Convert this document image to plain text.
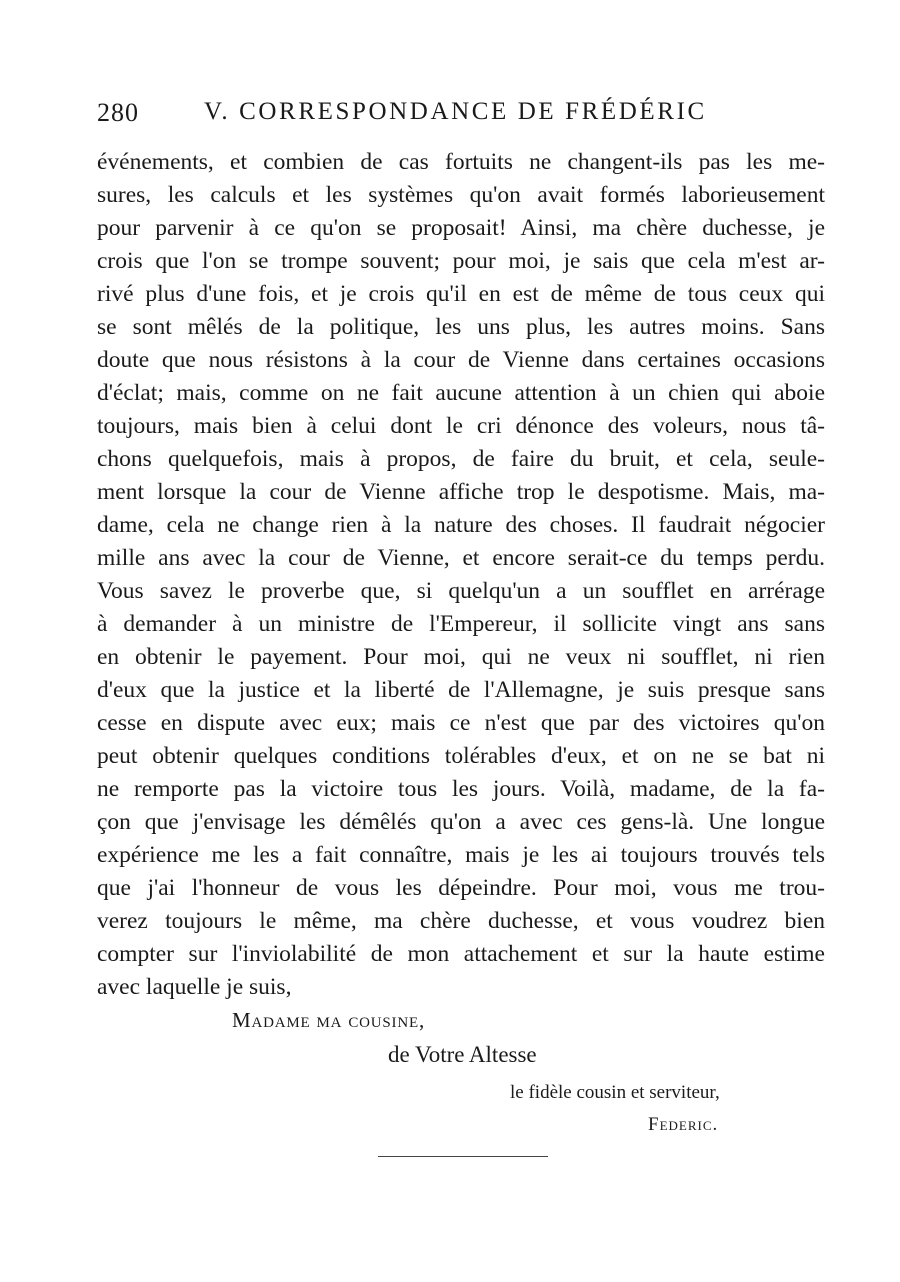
280	V. CORRESPONDANCE DE FRÉDÉRIC
événements, et combien de cas fortuits ne changent-ils pas les me-
sures, les calculs et les systèmes qu'on avait formés laborieusement
pour parvenir à ce qu'on se proposait! Ainsi, ma chère duchesse, je
crois que l'on se trompe souvent; pour moi, je sais que cela m'est ar-
rivé plus d'une fois, et je crois qu'il en est de même de tous ceux qui
se sont mêlés de la politique, les uns plus, les autres moins. Sans
doute que nous résistons à la cour de Vienne dans certaines occasions
d'éclat; mais, comme on ne fait aucune attention à un chien qui aboie
toujours, mais bien à celui dont le cri dénonce des voleurs, nous tâ-
chons quelquefois, mais à propos, de faire du bruit, et cela, seule-
ment lorsque la cour de Vienne affiche trop le despotisme. Mais, ma-
dame, cela ne change rien à la nature des choses. Il faudrait négocier
mille ans avec la cour de Vienne, et encore serait-ce du temps perdu.
Vous savez le proverbe que, si quelqu'un a un soufflet en arrérage
à demander à un ministre de l'Empereur, il sollicite vingt ans sans
en obtenir le payement. Pour moi, qui ne veux ni soufflet, ni rien
d'eux que la justice et la liberté de l'Allemagne, je suis presque sans
cesse en dispute avec eux; mais ce n'est que par des victoires qu'on
peut obtenir quelques conditions tolérables d'eux, et on ne se bat ni
ne remporte pas la victoire tous les jours. Voilà, madame, de la fa-
çon que j'envisage les démêlés qu'on a avec ces gens-là. Une longue
expérience me les a fait connaître, mais je les ai toujours trouvés tels
que j'ai l'honneur de vous les dépeindre. Pour moi, vous me trou-
verez toujours le même, ma chère duchesse, et vous voudrez bien
compter sur l'inviolabilité de mon attachement et sur la haute estime
avec laquelle je suis,
Madame ma cousine,
de Votre Altesse
le fidèle cousin et serviteur,
Federic.
